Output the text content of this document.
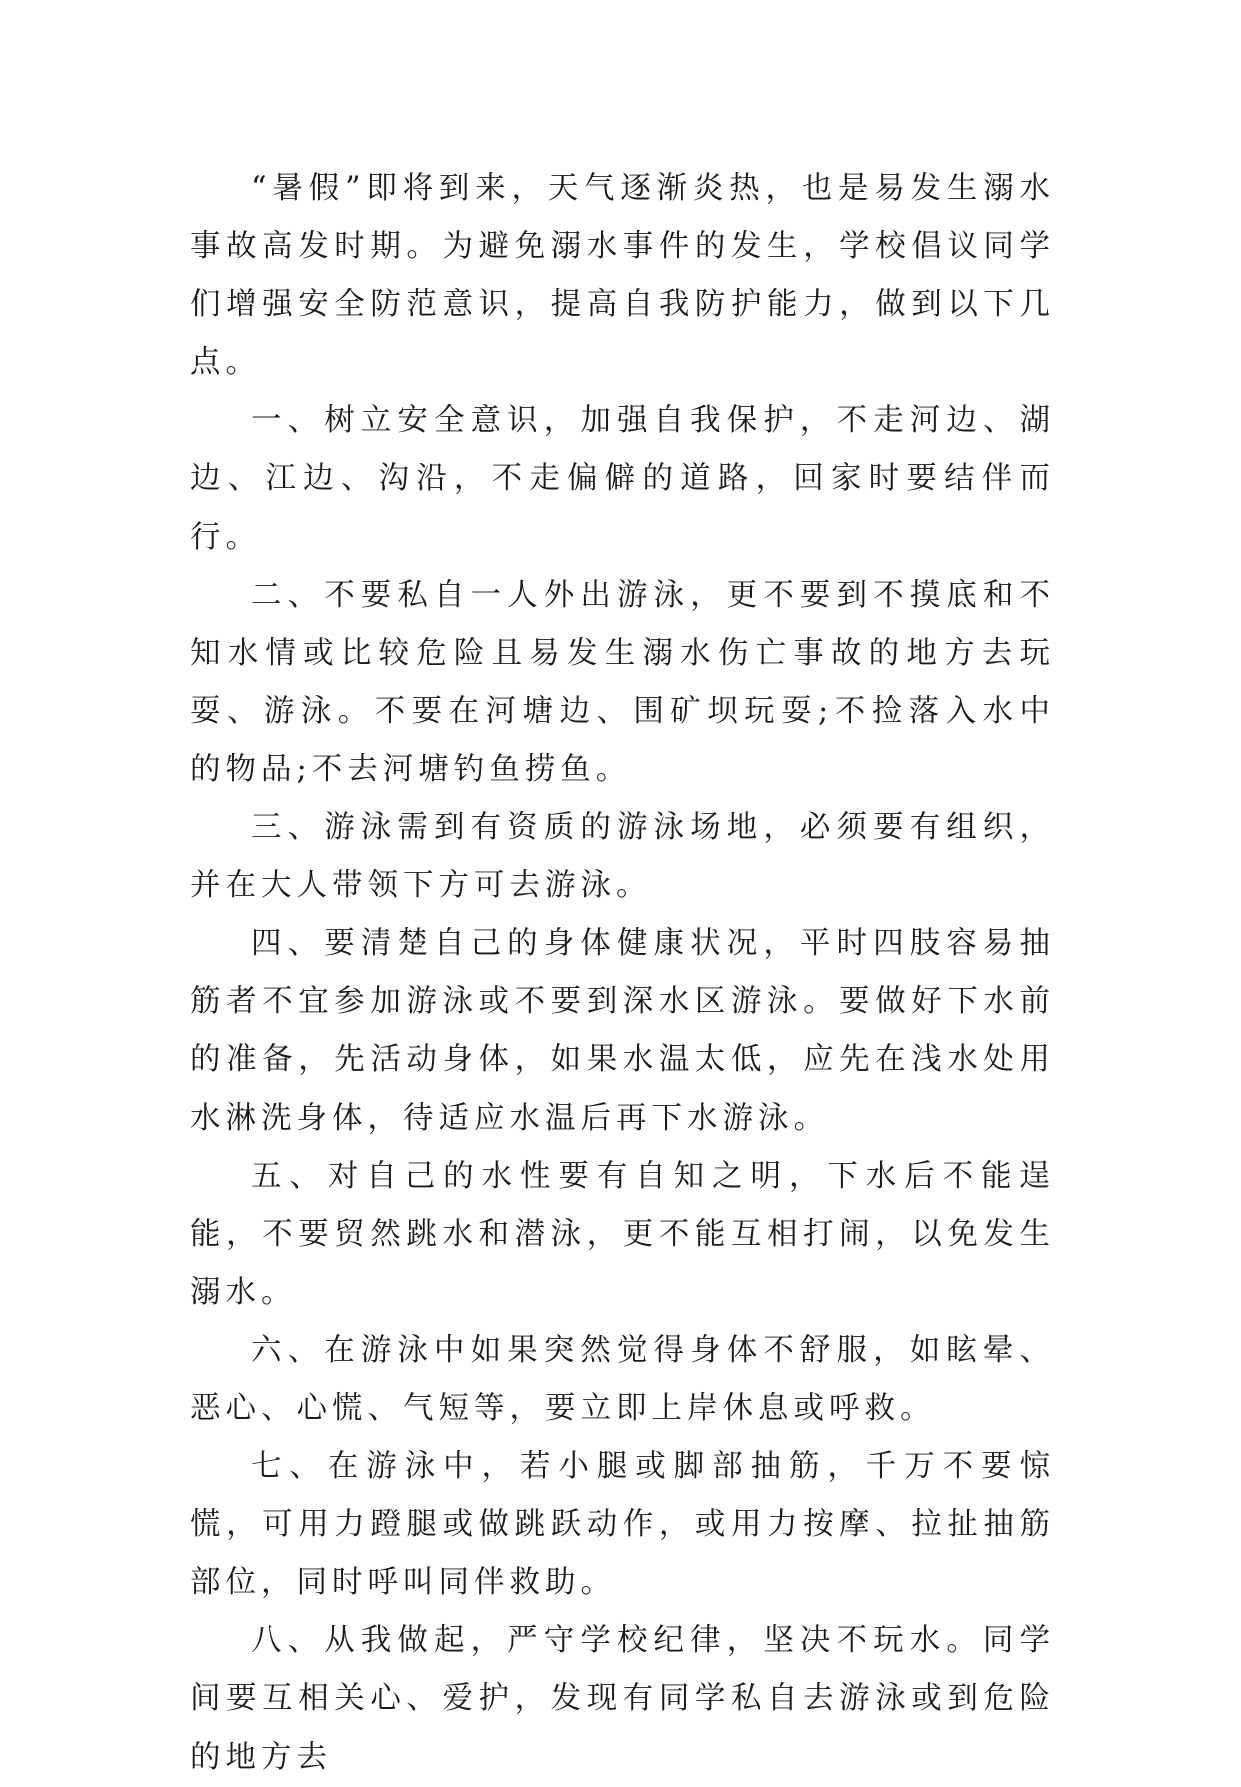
“暑假”即将到来，天气逐渐炎热，也是易发生溺水事故高发时期。为避免溺水事件的发生，学校倡议同学们增强安全防范意识，提高自我防护能力，做到以下几点。

一、树立安全意识，加强自我保护，不走河边、湖边、江边、沟沿，不走偏僻的道路，回家时要结伴而行。

二、不要私自一人外出游泳，更不要到不摸底和不知水情或比较危险且易发生溺水伤亡事故的地方去玩耍、游泳。不要在河塘边、围矿坝玩耍;不捡落入水中的物品;不去河塘钓鱼捞鱼。

三、游泳需到有资质的游泳场地，必须要有组织，并在大人带领下方可去游泳。

四、要清楚自己的身体健康状况，平时四肢容易抽筋者不宜参加游泳或不要到深水区游泳。要做好下水前的准备，先活动身体，如果水温太低，应先在浅水处用水淋洗身体，待适应水温后再下水游泳。

五、对自己的水性要有自知之明，下水后不能逞能，不要贸然跳水和潜泳，更不能互相打闹，以免发生溺水。

六、在游泳中如果突然觉得身体不舒服，如眩晕、恶心、心慌、气短等，要立即上岸休息或呼救。

七、在游泳中，若小腿或脚部抽筋，千万不要惊慌，可用力蹬腿或做跳跃动作，或用力按摩、拉扯抽筋部位，同时呼叫同伴救助。

八、从我做起，严守学校纪律，坚决不玩水。同学间要互相关心、爱护，发现有同学私自去游泳或到危险的地方去
